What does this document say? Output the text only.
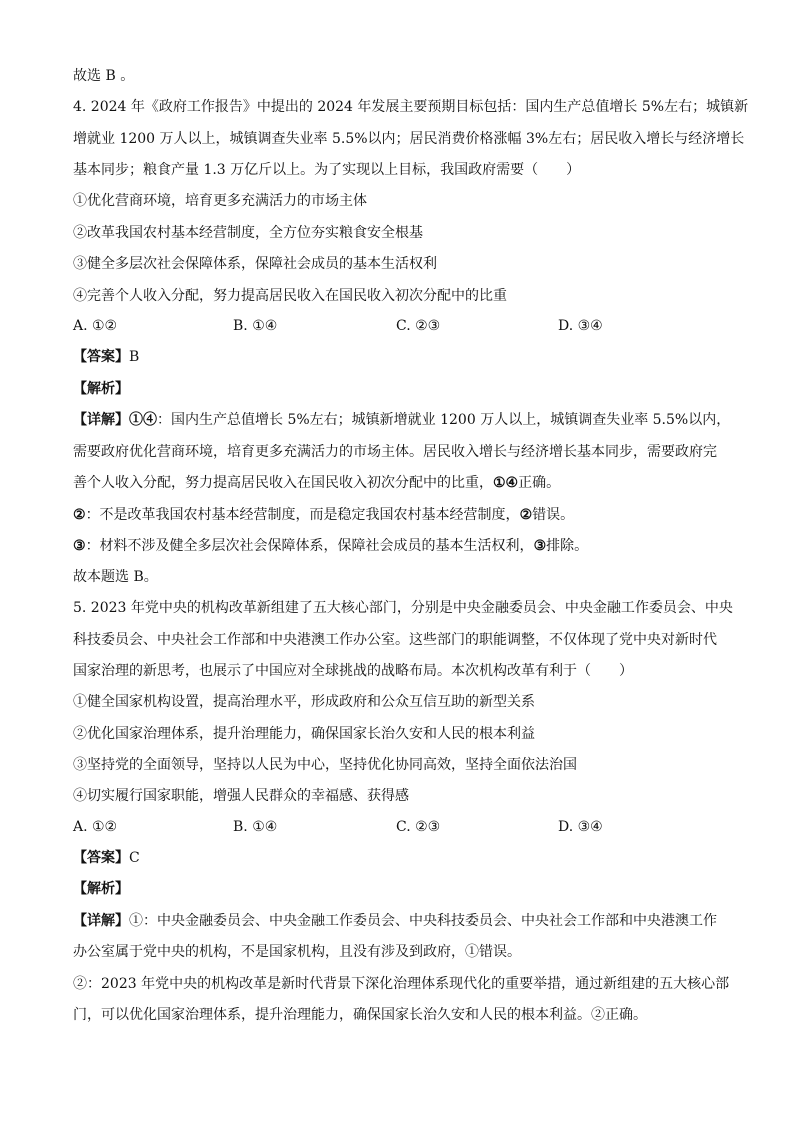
故选 B 。
4. 2024 年《政府工作报告》中提出的 2024 年发展主要预期目标包括：国内生产总值增长 5%左右；城镇新
增就业 1200 万人以上，城镇调查失业率 5.5%以内；居民消费价格涨幅 3%左右；居民收入增长与经济增长
基本同步；粮食产量 1.3 万亿斤以上。为了实现以上目标，我国政府需要（　　）
①优化营商环境，培育更多充满活力的市场主体
②改革我国农村基本经营制度，全方位夯实粮食安全根基
③健全多层次社会保障体系，保障社会成员的基本生活权利
④完善个人收入分配，努力提高居民收入在国民收入初次分配中的比重
A. ①②	B. ①④	C. ②③	D. ③④
【答案】B
【解析】
【详解】①④：国内生产总值增长 5%左右；城镇新增就业 1200 万人以上，城镇调查失业率 5.5%以内，
需要政府优化营商环境，培育更多充满活力的市场主体。居民收入增长与经济增长基本同步，需要政府完
善个人收入分配，努力提高居民收入在国民收入初次分配中的比重，①④正确。
②：不是改革我国农村基本经营制度，而是稳定我国农村基本经营制度，②错误。
③：材料不涉及健全多层次社会保障体系，保障社会成员的基本生活权利，③排除。
故本题选 B。
5. 2023 年党中央的机构改革新组建了五大核心部门，分别是中央金融委员会、中央金融工作委员会、中央
科技委员会、中央社会工作部和中央港澳工作办公室。这些部门的职能调整，不仅体现了党中央对新时代
国家治理的新思考，也展示了中国应对全球挑战的战略布局。本次机构改革有利于（　　）
①健全国家机构设置，提高治理水平，形成政府和公众互信互助的新型关系
②优化国家治理体系，提升治理能力，确保国家长治久安和人民的根本利益
③坚持党的全面领导，坚持以人民为中心，坚持优化协同高效，坚持全面依法治国
④切实履行国家职能，增强人民群众的幸福感、获得感
A. ①②	B. ①④	C. ②③	D. ③④
【答案】C
【解析】
【详解】①：中央金融委员会、中央金融工作委员会、中央科技委员会、中央社会工作部和中央港澳工作
办公室属于党中央的机构，不是国家机构，且没有涉及到政府，①错误。
②：2023 年党中央的机构改革是新时代背景下深化治理体系现代化的重要举措，通过新组建的五大核心部
门，可以优化国家治理体系，提升治理能力，确保国家长治久安和人民的根本利益。②正确。
